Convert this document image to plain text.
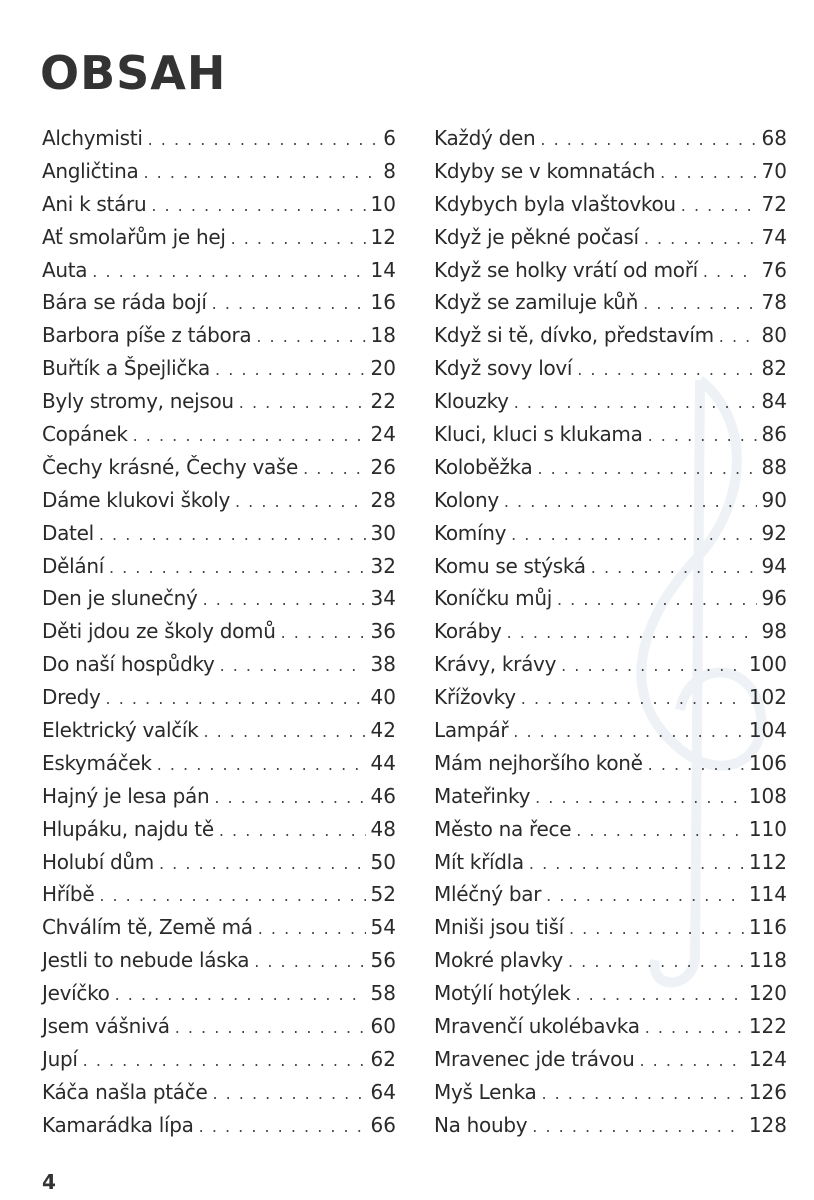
OBSAH
Alchymisti . . .	6
Angličtina . . .	8
Ani k stáru . . .	10
Ať smolařům je hej . . .	12
Auta . . .	14
Bára se ráda bojí . . .	16
Barbora píše z tábora . . .	18
Buřtík a Špejlička . . .	20
Byly stromy, nejsou . . .	22
Copánek . . .	24
Čechy krásné, Čechy vaše . . .	26
Dáme klukovi školy . . .	28
Datel . . .	30
Dělání . . .	32
Den je slunečný . . .	34
Děti jdou ze školy domů . . .	36
Do naší hospůdky . . .	38
Dredy . . .	40
Elektrický valčík . . .	42
Eskymáček . . .	44
Hajný je lesa pán . . .	46
Hlupáku, najdu tě . . .	48
Holubí dům . . .	50
Hříbě . . .	52
Chválím tě, Země má . . .	54
Jestli to nebude láska . . .	56
Jevíčko . . .	58
Jsem vášnivá . . .	60
Jupí . . .	62
Káča našla ptáče . . .	64
Kamarádka lípa . . .	66
Každý den . . .	68
Kdyby se v komnatách . . .	70
Kdybych byla vlaštovkou . . .	72
Když je pěkné počasí . . .	74
Když se holky vrátí od moří . . .	76
Když se zamiluje kůň . . .	78
Když si tě, dívko, představím . . . 80
Když sovy loví . . .	82
Klouzky . . .	84
Kluci, kluci s klukama . . .	86
Koloběžka . . .	88
Kolony . . .	90
Komíny . . .	92
Komu se stýská . . .	94
Koníčku můj . . .	96
Koráby . . .	98
Krávy, krávy . . .	100
Křížovky . . .	102
Lampář . . .	104
Mám nejhoršího koně . . .	106
Mateřinky . . .	108
Město na řece . . .	110
Mít křídla . . .	112
Mléčný bar . . .	114
Mniši jsou tiší . . .	116
Mokré plavky . . .	118
Motýlí hotýlek . . .	120
Mravenčí ukolébavka . . .	122
Mravenec jde trávou . . .	124
Myš Lenka . . .	126
Na houby . . .	128
4
